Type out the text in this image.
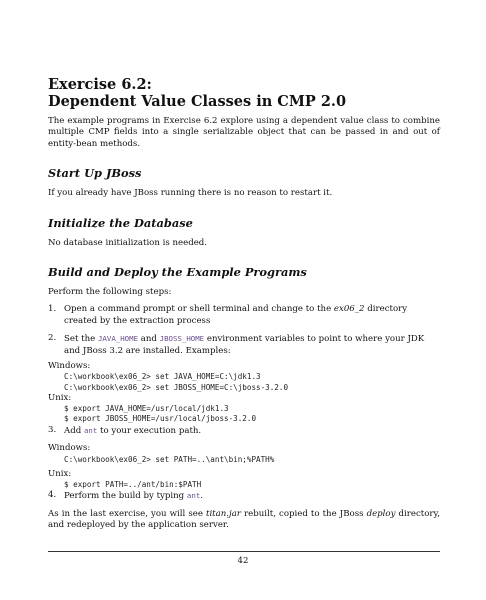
Exercise 6.2:
Dependent Value Classes in CMP 2.0

The example programs in Exercise 6.2 explore using a dependent value class to combine multiple CMP fields into a single serializable object that can be passed in and out of entity-bean methods.

Start Up JBoss

If you already have JBoss running there is no reason to restart it.

Initialize the Database

No database initialization is needed.

Build and Deploy the Example Programs

Perform the following steps:

1. Open a command prompt or shell terminal and change to the ex06_2 directory created by the extraction process
2. Set the JAVA_HOME and JBOSS_HOME environment variables to point to where your JDK and JBoss 3.2 are installed. Examples:
Windows:
C:\workbook\ex06_2> set JAVA_HOME=C:\jdk1.3
C:\workbook\ex06_2> set JBOSS_HOME=C:\jboss-3.2.0
Unix:
$ export JAVA_HOME=/usr/local/jdk1.3
$ export JBOSS_HOME=/usr/local/jboss-3.2.0
3. Add ant to your execution path.
Windows:
C:\workbook\ex06_2> set PATH=..\ant\bin;%PATH%
Unix:
$ export PATH=../ant/bin:$PATH
4. Perform the build by typing ant.

As in the last exercise, you will see titan.jar rebuilt, copied to the JBoss deploy directory, and redeployed by the application server.

42
